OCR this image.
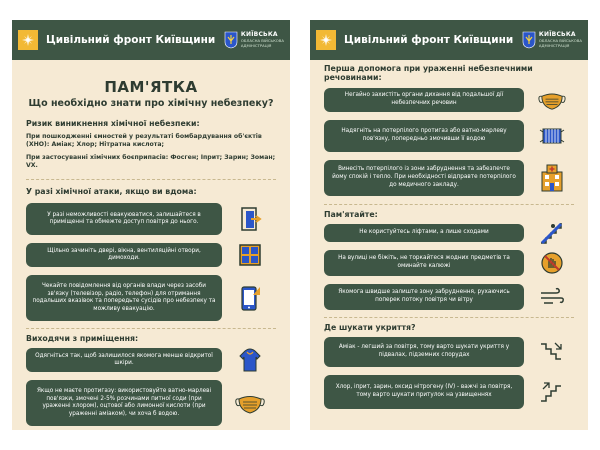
Цивільний фронт Київщини	КИЇВСЬКА
ОБЛАСНА ВІЙСЬКОВА
АДМІНІСТРАЦІЯ
ПАМ'ЯТКА
Що необхідно знати про хімічну небезпеку?
Ризик виникнення хімічної небезпеки:
При пошкодженні ємностей у результаті бомбардування об'єктів (ХНО): Аміак; Хлор; Нітратна кислота;
При застосуванні хімічних боєприпасів: Фосген; Іприт; Зарин; Зоман; VX.
У разі хімічної атаки, якщо ви вдома:
У разі неможливості евакуюватися, залишайтеся в приміщенні та обмежте доступ повітря до нього.
Щільно зачиніть двері, вікна, вентиляційні отвори, димоходи.
Чекайте повідомлення від органів влади через засоби зв'язку (телевізор, радіо, телефон) для отримання подальших вказівок та попередьте сусідів про небезпеку та можливу евакуацію.
Виходячи з приміщення:
Одягніться так, щоб залишилося якомога менше відкритої шкіри.
Якщо не маєте протигазу: використовуйте ватно-марлеві пов'язки, змочені 2-5% розчинами питної соди (при ураженні хлором), оцтової або лимонної кислоти (при ураженні аміаком), чи хоча б водою.
Цивільний фронт Київщини	КИЇВСЬКА
ОБЛАСНА ВІЙСЬКОВА
АДМІНІСТРАЦІЯ
Перша допомога при ураженні небезпечними речовинами:
Негайно захистіть органи дихання від подальшої дії небезпечних речовин
Надягніть на потерпілого протигаз або ватно-марлеву пов'язку, попередньо змочивши її водою
Винесіть потерпілого із зони забруднення та забезпечте йому спокій і тепло. При необхідності відправте потерпілого до медичного закладу.
Пам'ятайте:
Не користуйтесь ліфтами, а лише сходами
На вулиці не біжіть, не торкайтеся жодних предметів та оминайте калюжі
Якомога швидше залиште зону забруднення, рухаючись поперек потоку повітря чи вітру
Де шукати укриття?
Аміак - легший за повітря, тому варто шукати укриття у підвалах, підземних спорудах
Хлор, іприт, зарин, оксид нітрогену (IV) - важчі за повітря, тому варто шукати притулок на узвищеннях
